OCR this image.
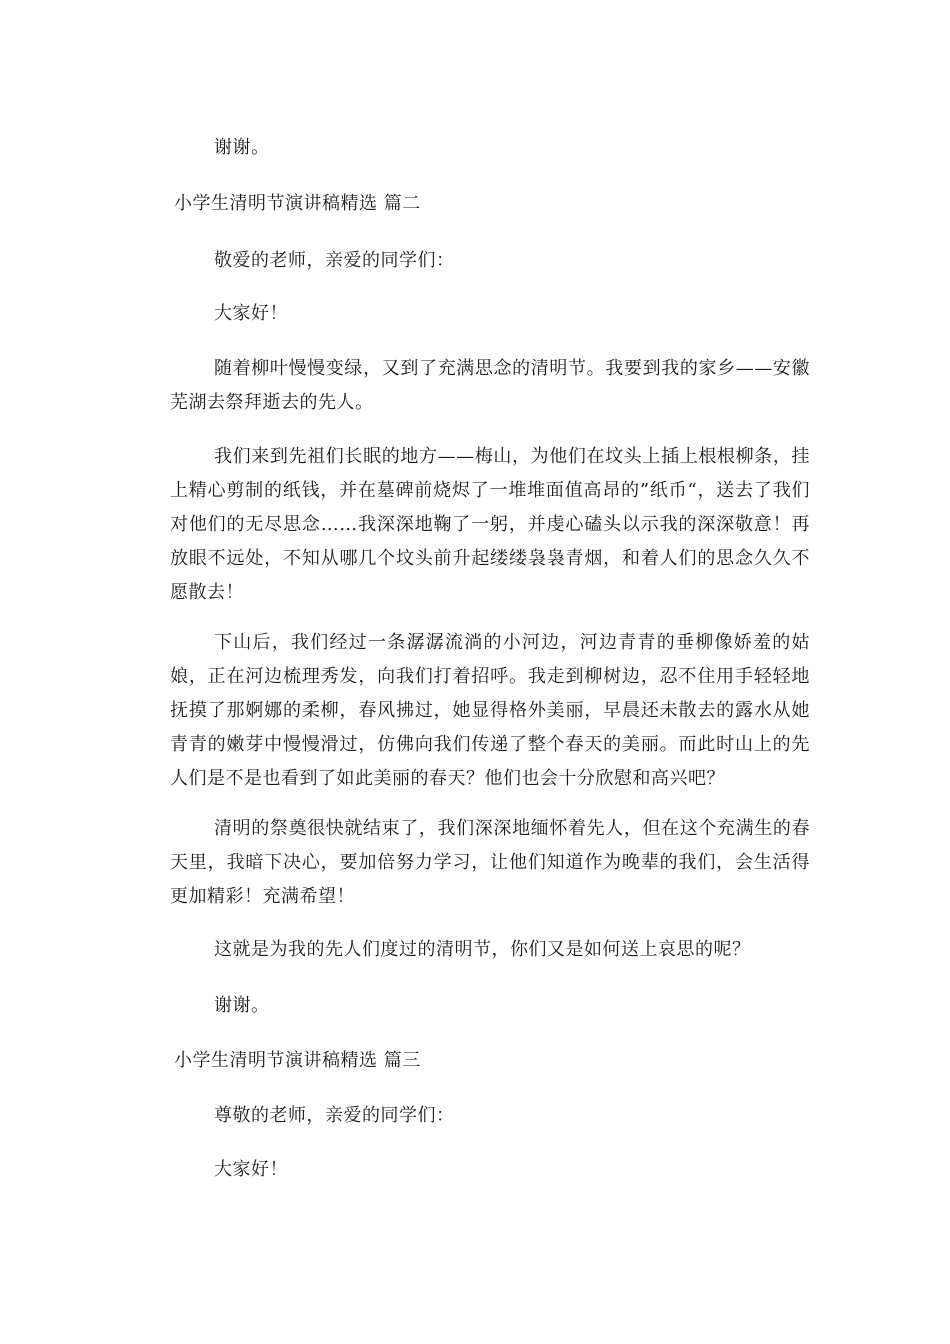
谢谢。
小学生清明节演讲稿精选 篇二
敬爱的老师，亲爱的同学们：
大家好！
随着柳叶慢慢变绿，又到了充满思念的清明节。我要到我的家乡——安徽芜湖去祭拜逝去的先人。
我们来到先祖们长眠的地方——梅山，为他们在坟头上插上根根柳条，挂上精心剪制的纸钱，并在墓碑前烧烬了一堆堆面值高昂的”纸币“，送去了我们对他们的无尽思念……我深深地鞠了一躬，并虔心磕头以示我的深深敬意！再放眼不远处，不知从哪几个坟头前升起缕缕袅袅青烟，和着人们的思念久久不愿散去！
下山后，我们经过一条潺潺流淌的小河边，河边青青的垂柳像娇羞的姑娘，正在河边梳理秀发，向我们打着招呼。我走到柳树边，忍不住用手轻轻地抚摸了那婀娜的柔柳，春风拂过，她显得格外美丽，早晨还未散去的露水从她青青的嫩芽中慢慢滑过，仿佛向我们传递了整个春天的美丽。而此时山上的先人们是不是也看到了如此美丽的春天？他们也会十分欣慰和高兴吧？
清明的祭奠很快就结束了，我们深深地缅怀着先人，但在这个充满生的春天里，我暗下决心，要加倍努力学习，让他们知道作为晚辈的我们，会生活得更加精彩！充满希望！
这就是为我的先人们度过的清明节，你们又是如何送上哀思的呢？
谢谢。
小学生清明节演讲稿精选 篇三
尊敬的老师，亲爱的同学们：
大家好！
